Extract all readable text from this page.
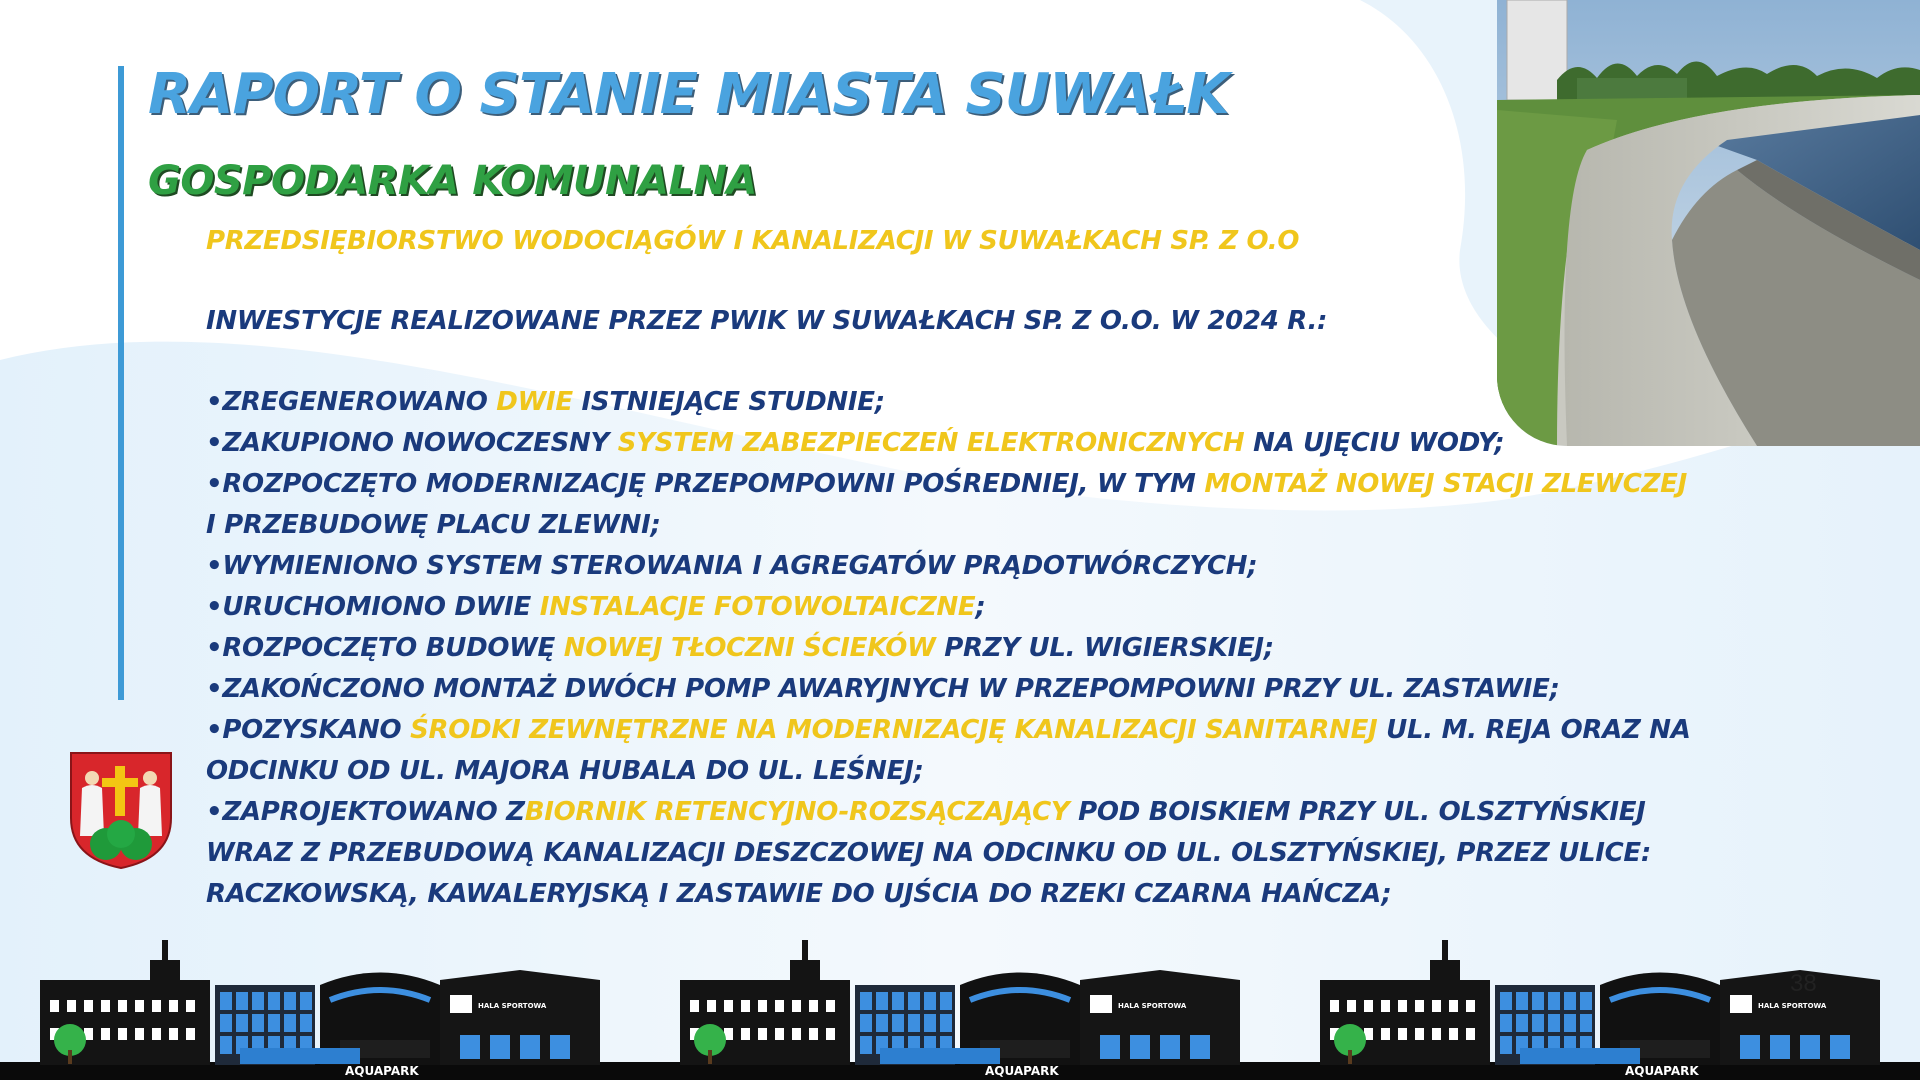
RAPORT O STANIE MIASTA SUWAŁK
GOSPODARKA KOMUNALNA
PRZEDSIĘBIORSTWO WODOCIĄGÓW I KANALIZACJI W SUWAŁKACH SP. Z O.O
INWESTYCJE REALIZOWANE PRZEZ PWIK W SUWAŁKACH SP. Z O.O. W 2024 R.:
•ZREGENEROWANO DWIE ISTNIEJĄCE STUDNIE;
•ZAKUPIONO NOWOCZESNY SYSTEM ZABEZPIECZEŃ ELEKTRONICZNYCH NA UJĘCIU WODY;
•ROZPOCZĘTO MODERNIZACJĘ PRZEPOMPOWNI POŚREDNIEJ, W TYM MONTAŻ NOWEJ STACJI ZLEWCZEJ
I PRZEBUDOWĘ PLACU ZLEWNI;
•WYMIENIONO SYSTEM STEROWANIA I AGREGATÓW PRĄDOTWÓRCZYCH;
•URUCHOMIONO DWIE INSTALACJE FOTOWOLTAICZNE;
•ROZPOCZĘTO BUDOWĘ NOWEJ TŁOCZNI ŚCIEKÓW PRZY UL. WIGIERSKIEJ;
•ZAKOŃCZONO MONTAŻ DWÓCH POMP AWARYJNYCH W PRZEPOMPOWNI PRZY UL. ZASTAWIE;
•POZYSKANO ŚRODKI ZEWNĘTRZNE NA MODERNIZACJĘ KANALIZACJI SANITARNEJ UL. M. REJA ORAZ NA
ODCINKU OD UL. MAJORA HUBALA DO UL. LEŚNEJ;
•ZAPROJEKTOWANO ZBIORNIK RETENCYJNO-ROZSĄCZAJĄCY POD BOISKIEM PRZY UL. OLSZTYŃSKIEJ
WRAZ Z PRZEBUDOWĄ KANALIZACJI DESZCZOWEJ NA ODCINKU OD UL. OLSZTYŃSKIEJ, PRZEZ ULICE:
RACZKOWSKĄ, KAWALERYJSKĄ I ZASTAWIE DO UJŚCIA DO RZEKI CZARNA HAŃCZA;
38
AQUAPARK
HALA SPORTOWA
AQUAPARK
HALA SPORTOWA
AQUAPARK
HALA SPORTOWA
